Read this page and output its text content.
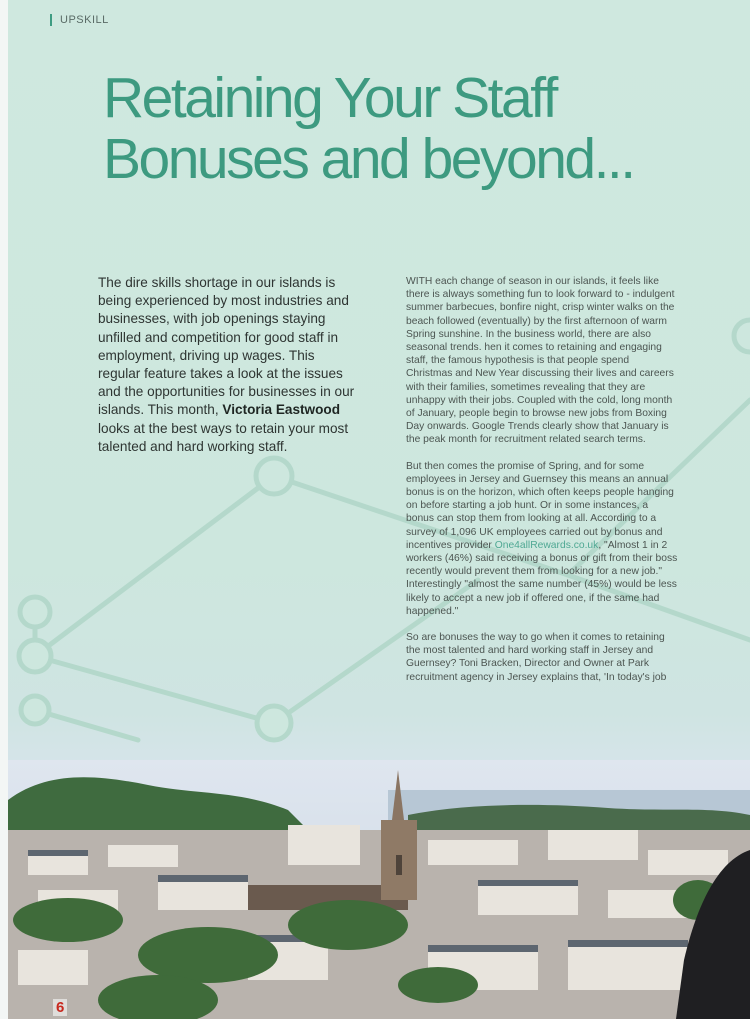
UPSKILL
Retaining Your Staff
Bonuses and beyond...

The dire skills shortage in our islands is being experienced by most industries and businesses, with job openings staying unfilled and competition for good staff in employment, driving up wages. This regular feature takes a look at the issues and the opportunities for businesses in our islands. This month, Victoria Eastwood looks at the best ways to retain your most talented and hard working staff.

WITH each change of season in our islands, it feels like there is always something fun to look forward to - indulgent summer barbecues, bonfire night, crisp winter walks on the beach followed (eventually) by the first afternoon of warm Spring sunshine. In the business world, there are also seasonal trends. hen it comes to retaining and engaging staff, the famous hypothesis is that people spend Christmas and New Year discussing their lives and careers with their families, sometimes revealing that they are unhappy with their jobs. Coupled with the cold, long month of January, people begin to browse new jobs from Boxing Day onwards. Google Trends clearly show that January is the peak month for recruitment related search terms.

But then comes the promise of Spring, and for some employees in Jersey and Guernsey this means an annual bonus is on the horizon, which often keeps people hanging on before starting a job hunt. Or in some instances, a bonus can stop them from looking at all. According to a survey of 1,096 UK employees carried out by bonus and incentives provider One4allRewards.co.uk, "Almost 1 in 2 workers (46%) said receiving a bonus or gift from their boss recently would prevent them from looking for a new job." Interestingly "almost the same number (45%) would be less likely to accept a new job if offered one, if the same had happened."

So are bonuses the way to go when it comes to retaining the most talented and hard working staff in Jersey and Guernsey? Toni Bracken, Director and Owner at Park recruitment agency in Jersey explains that, 'In today's job

6
